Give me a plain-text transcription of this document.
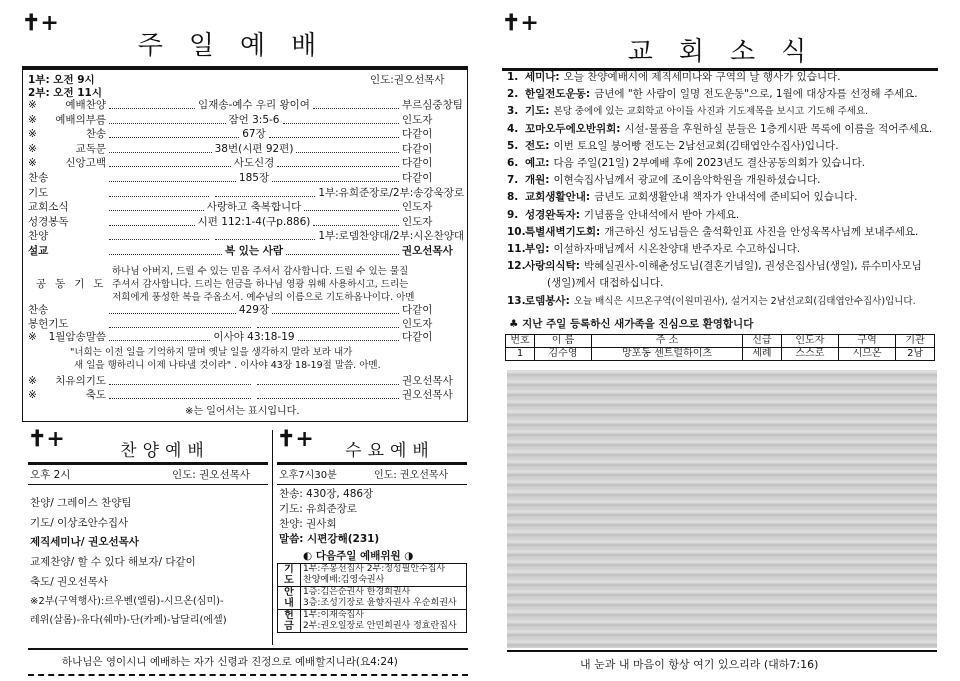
✝+
주일예배
1부: 오전 9시	인도:권오선목사
2부: 오전 11시
※ 예배찬양	임재송-예수 우리 왕이여	부르심중창팀
※예배의부름	잠언 3:5-6	인도자
※찬송	67장	다같이
※교독문	38번(시편 92편)	다같이
※ 신앙고백	사도신경	다같이
찬송	185장	다같이
기도	1부:유희준장로/2부:송강욱장로
교회소식	사랑하고 축복합니다	인도자
성경봉독	시편 112:1-4(구p.886)	인도자
찬양	1부:로뎀찬양대/2부:시온찬양대
설교	복 있는 사람	권오선목사
공동기도
하나님 아버지, 드릴 수 있는 믿음 주셔서 감사합니다. 드릴 수 있는 물질
주셔서 감사합니다. 드리는 헌금을 하나님 영광 위해 사용하시고, 드리는
저희에게 풍성한 복을 주옵소서. 예수님의 이름으로 기도하옵나이다. 아멘
찬송	429장	다같이
봉헌기도	인도자
※1월암송말씀	이사야 43:18-19	다같이
"너희는 이전 일을 기억하지 말며 옛날 일을 생각하지 말라 보라 내가
새 일을 행하리니 이제 나타낼 것이라" . 이사야 43장 18-19절 말씀. 아멘.
※치유의기도	권오선목사
※축도	권오선목사
※는 일어서는 표시입니다.
✝+	찬양예배
오후 2시	인도: 권오선목사
찬양/ 그레이스 찬양팀
기도/ 이상조안수집사
제직세미나/ 권오선목사
교제찬양/ 할 수 있다 해보자/ 다같이
축도/ 권오선목사
※2부(구역행사):르우벤(엘림)-시므온(심미)-
레위(살롬)-유다(쉐마)-단(카페)-납달리(에셀)
✝+	수요예배
오후7시30분	인도: 권오선목사
찬송: 430장, 486장
기도: 유희준장로
찬양: 권사회
말씀: 시편강해(231)
◐ 다음주일 예배위원 ◑
기도	1부:주봉선집사 2부:정성필안수집사
찬양예배:김영숙권사

안내	1층:김은순권사 한경희권사
3층:조성기장로 윤향자권사 우순희권사

헌금	1부:이재숙집사
2부:권오일장로 안민희권사 정효란집사
하나님은 영이시니 예배하는 자가 신령과 진정으로 예배할지니라(요4:24)
✝+
교회소식
1. 세미나: 오늘 찬양예배시에 제직세미나와 구역의 날 행사가 있습니다.
2. 한일전도운동: 금년에 "한 사람이 일명 전도운동"으로, 1월에 대상자를 선정해 주세요.
3. 기도: 본당 중에에 있는 교회학교 아이들 사진과 기도제목을 보시고 기도해 주세요.
4. 꼬마오두에오반위회: 시설-물품을 후원하실 분들은 1층게시판 목록에 이름을 적어주세요.
5. 전도: 이번 토요일 붕어빵 전도는 2남선교회(김태엽안수집사)입니다.
6. 예고: 다음 주일(21일) 2부예배 후에 2023년도 결산공동의회가 있습니다.
7. 개원: 이현숙집사님께서 광교에 조이음악학원을 개원하셨습니다.
8. 교회생활안내: 금년도 교회생활안내 책자가 안내석에 준비되어 있습니다.
9. 성경완독자: 기념품을 안내석에서 받아 가세요.
10.특별새벽기도회: 개근하신 성도님들은 출석확인표 사진을 안성욱목사님께 보내주세요.
11.부임: 이설하자매님께서 시온찬양대 반주자로 수고하십니다.
12.사랑의식탁: 박혜실권사-이해춘성도님(결혼기념일), 권성은집사님(생일), 류수미사모님
(생일)께서 대접하십니다.
13.로뎀봉사: 오늘 배식은 시므온구역(이원미권사), 설거지는 2남선교회(김태엽안수집사)입니다.
♣ 지난 주일 등록하신 새가족을 진심으로 환영합니다
번호	이 름	주 소	신급	인도자	구역	기관
1	김수영	망포동 센트럴하이츠	세례	스스로	시므온	2남
내 눈과 내 마음이 항상 여기 있으리라 (대하7:16)
